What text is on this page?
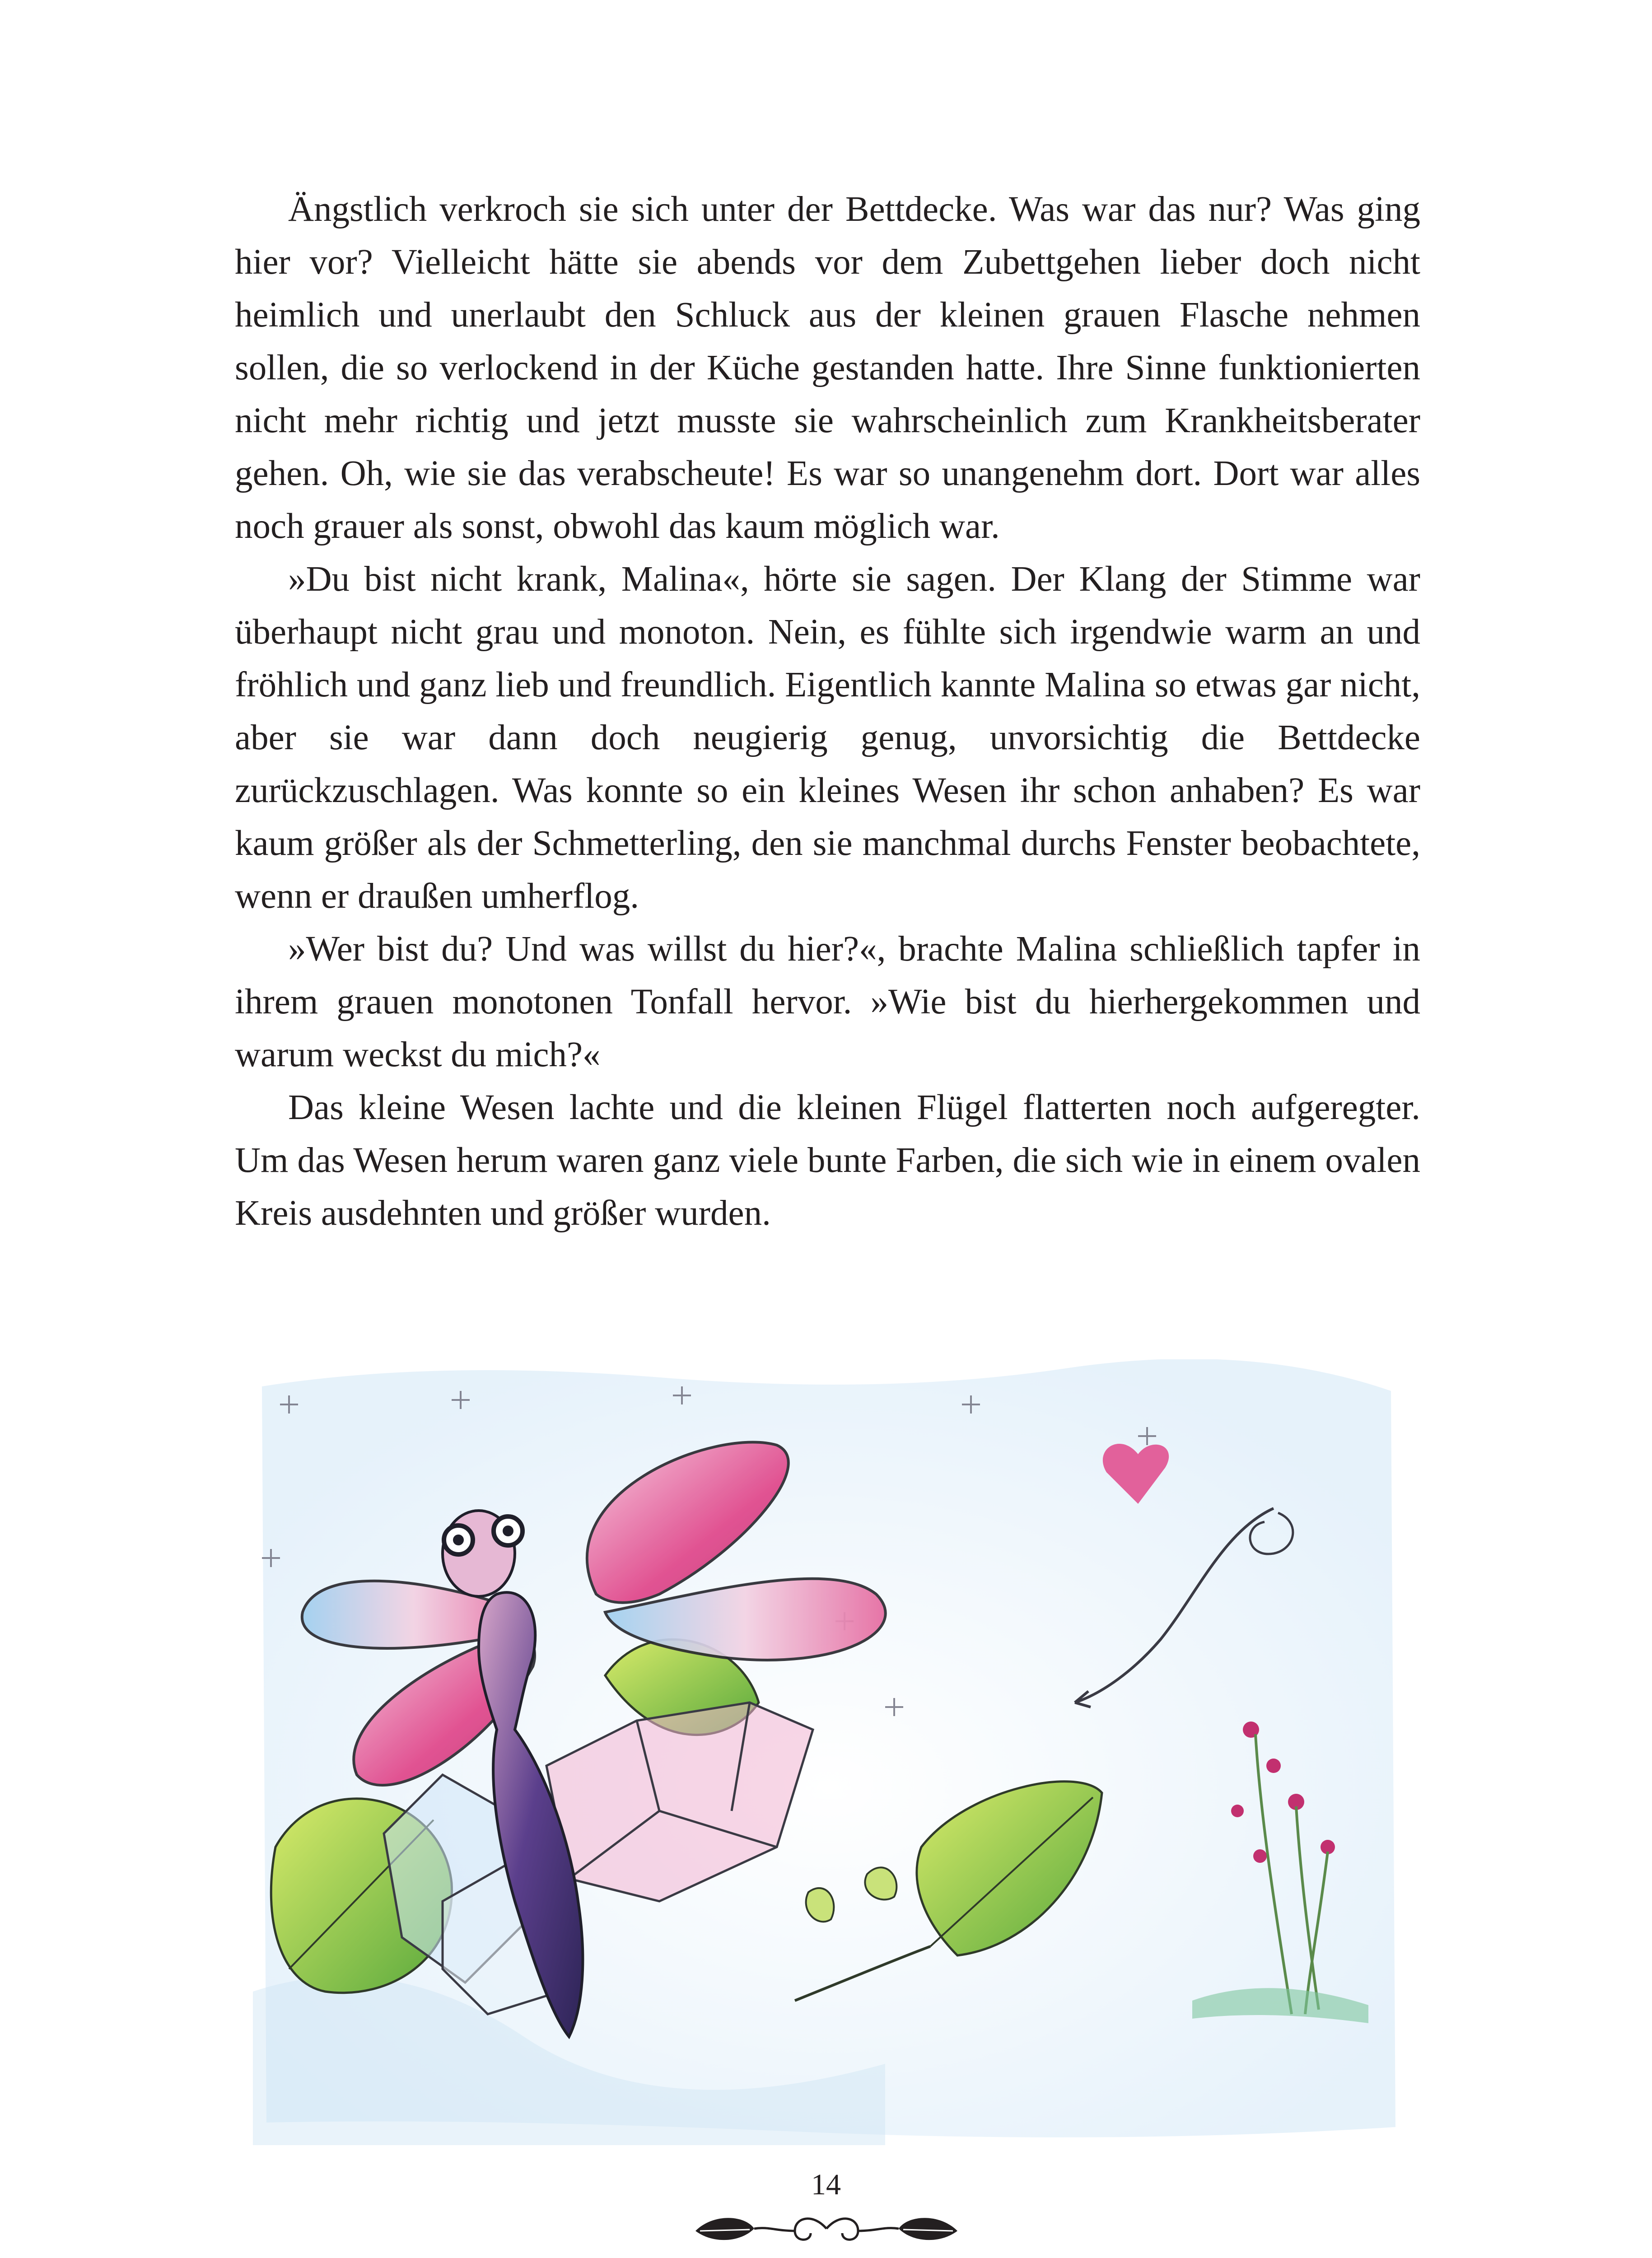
Ängstlich verkroch sie sich unter der Bettdecke. Was war das nur? Was ging hier vor? Vielleicht hätte sie abends vor dem Zubettgehen lieber doch nicht heimlich und unerlaubt den Schluck aus der kleinen grauen Flasche nehmen sollen, die so verlockend in der Küche gestanden hatte. Ihre Sinne funktionierten nicht mehr richtig und jetzt musste sie wahrscheinlich zum Krankheitsberater gehen. Oh, wie sie das verabscheute! Es war so unangenehm dort. Dort war alles noch grauer als sonst, obwohl das kaum möglich war.

»Du bist nicht krank, Malina«, hörte sie sagen. Der Klang der Stimme war überhaupt nicht grau und monoton. Nein, es fühlte sich irgendwie warm an und fröhlich und ganz lieb und freundlich. Eigentlich kannte Malina so etwas gar nicht, aber sie war dann doch neugierig genug, unvorsichtig die Bettdecke zurückzuschlagen. Was konnte so ein kleines Wesen ihr schon anhaben? Es war kaum größer als der Schmetterling, den sie manchmal durchs Fenster beobachtete, wenn er draußen umherflog.

»Wer bist du? Und was willst du hier?«, brachte Malina schließlich tapfer in ihrem grauen monotonen Tonfall hervor. »Wie bist du hierhergekommen und warum weckst du mich?«

Das kleine Wesen lachte und die kleinen Flügel flatterten noch aufgeregter. Um das Wesen herum waren ganz viele bunte Farben, die sich wie in einem ovalen Kreis ausdehnten und größer wurden.

14
